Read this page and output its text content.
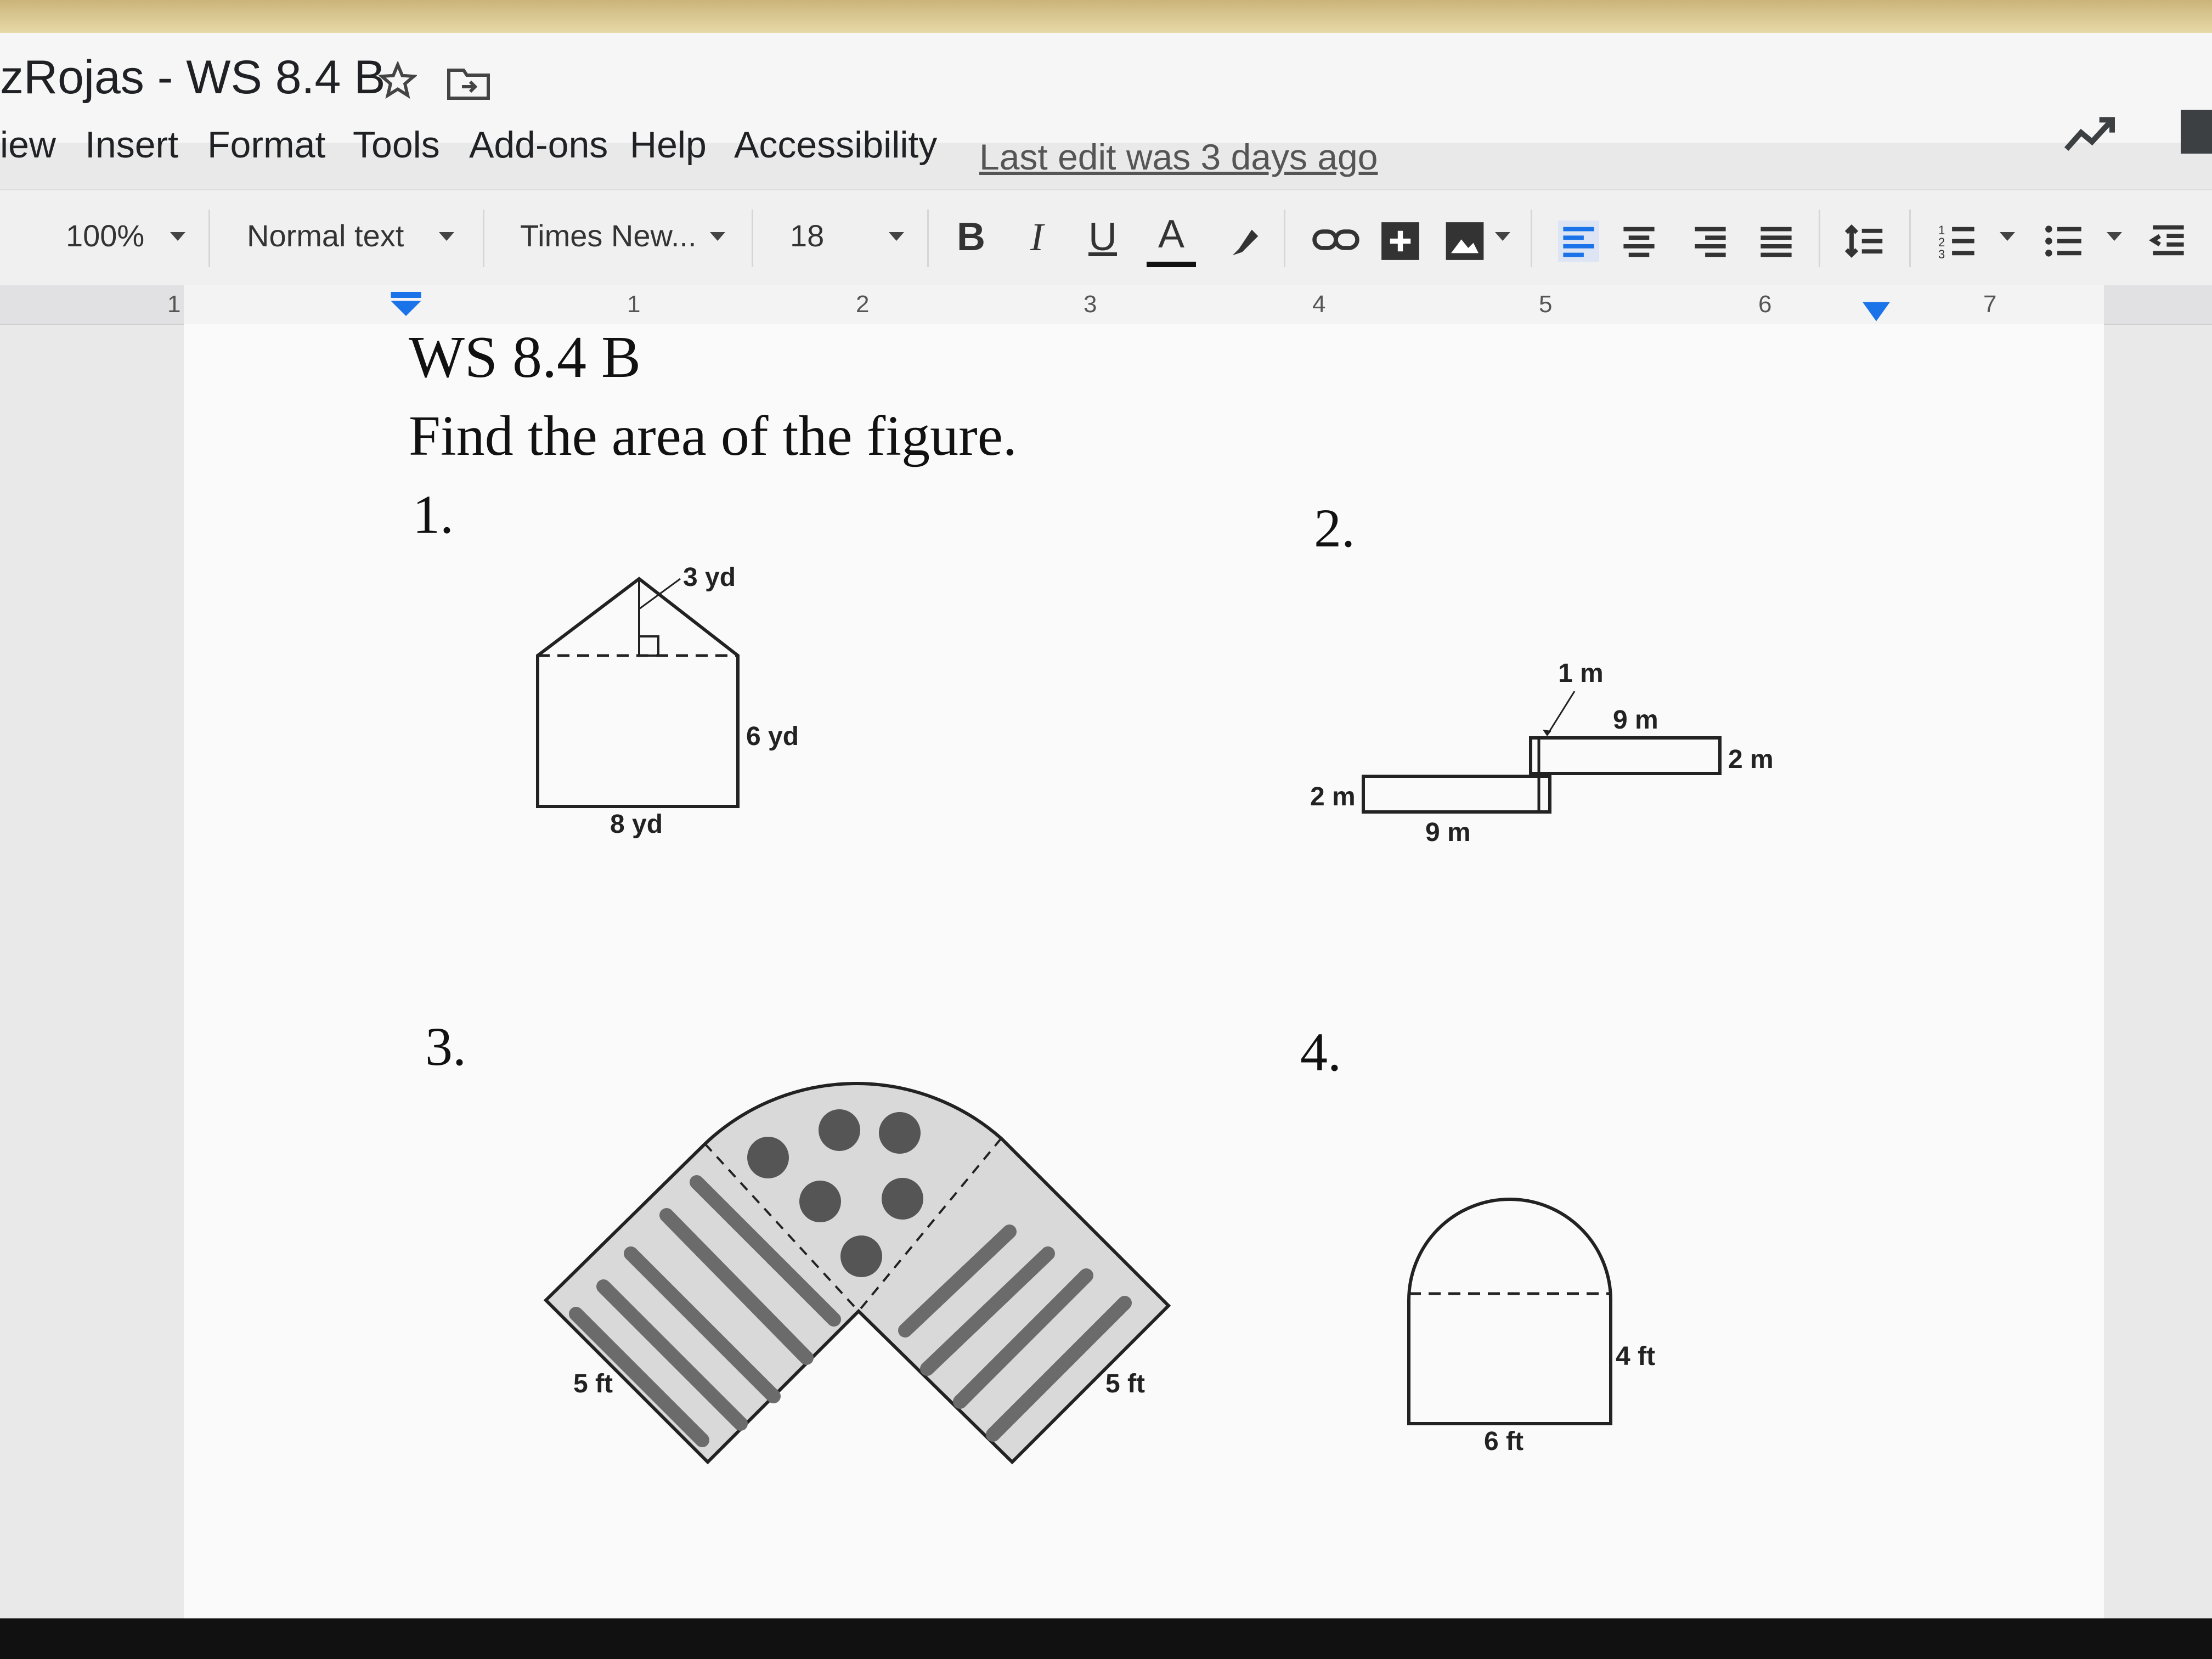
zRojas - WS 8.4 B
iew Insert Format Tools Add-ons Help Accessibility Last edit was 3 days ago
100%	Normal text	Times New...	18	B	I	U A	1
2
3
1	1	2	3	4	5	6	7
WS 8.4 B
Find the area of the figure.
1.
3 yd
6 yd
8 yd
2.
1 m
9 m
2 m
2 m
9 m
3.
5 ft	5 ft
4.
4 ft
6 ft
